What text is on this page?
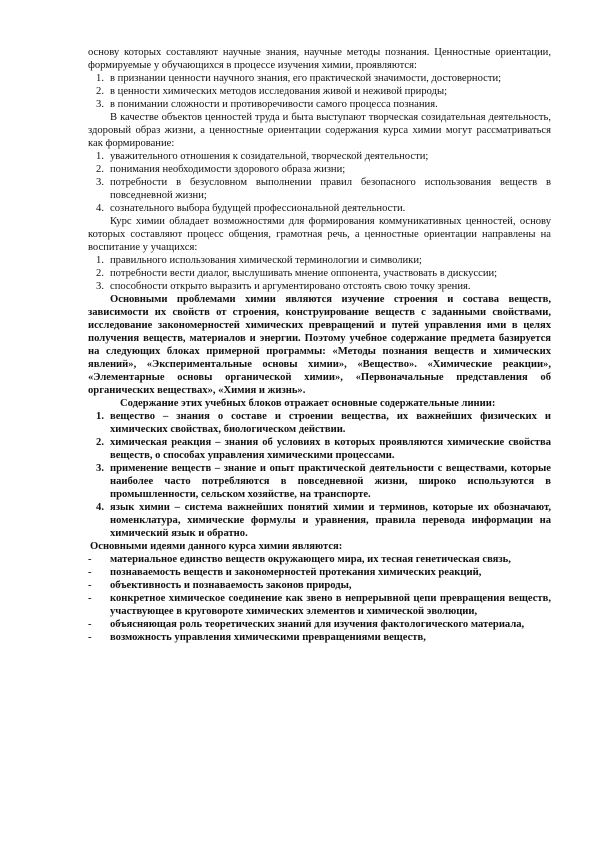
основу которых составляют научные знания, научные методы познания. Ценностные ориентации, формируемые у обучающихся в процессе изучения химии, проявляются:

1. в признании ценности научного знания, его практической значимости, достоверности;
2. в ценности химических методов исследования живой и неживой природы;
3. в понимании сложности и противоречивости самого процесса познания.

В качестве объектов ценностей труда и быта выступают творческая созидательная деятельность, здоровый образ жизни, а ценностные ориентации содержания курса химии могут рассматриваться как формирование:

1. уважительного отношения к созидательной, творческой деятельности;
2. понимания необходимости здорового образа жизни;
3. потребности в безусловном выполнении правил безопасного использования веществ в повседневной жизни;
4. сознательного выбора будущей профессиональной деятельности.

Курс химии обладает возможностями для формирования коммуникативных ценностей, основу которых составляют процесс общения, грамотная речь, а ценностные ориентации направлены на воспитание у учащихся:

1. правильного использования химической терминологии и символики;
2. потребности вести диалог, выслушивать мнение оппонента, участвовать в дискуссии;
3. способности открыто выразить и аргументировано отстоять свою точку зрения.

Основными проблемами химии являются изучение строения и состава веществ, зависимости их свойств от строения, конструирование веществ с заданными свойствами, исследование закономерностей химических превращений и путей управления ими в целях получения веществ, материалов и энергии. Поэтому учебное содержание предмета базируется на следующих блоках примерной программы: «Методы познания веществ и химических явлений», «Экспериментальные основы химии», «Вещество». «Химические реакции», «Элементарные основы органической химии», «Первоначальные представления об органических веществах», «Химия и жизнь».

Содержание этих учебных блоков отражает основные содержательные линии:

1. вещество – знания о составе и строении вещества, их важнейших физических и химических свойствах, биологическом действии.
2. химическая реакция – знания об условиях в которых проявляются химические свойства веществ, о способах управления химическими процессами.
3. применение веществ – знание и опыт практической деятельности с веществами, которые наиболее часто потребляются в повседневной жизни, широко используются в промышленности, сельском хозяйстве, на транспорте.
4. язык химии – система важнейших понятий химии и терминов, которые их обозначают, номенклатура, химические формулы и уравнения, правила перевода информации на химический язык и обратно.

Основными идеями данного курса химии являются:

- материальное единство веществ окружающего мира, их тесная генетическая связь,
- познаваемость веществ и закономерностей протекания химических реакций,
- объективность и познаваемость законов природы,
- конкретное химическое соединение как звено в непрерывной цепи превращения веществ, участвующее в круговороте химических элементов и химической эволюции,
- объясняющая роль теоретических знаний для изучения фактологического материала,
- возможность управления химическими превращениями веществ,
